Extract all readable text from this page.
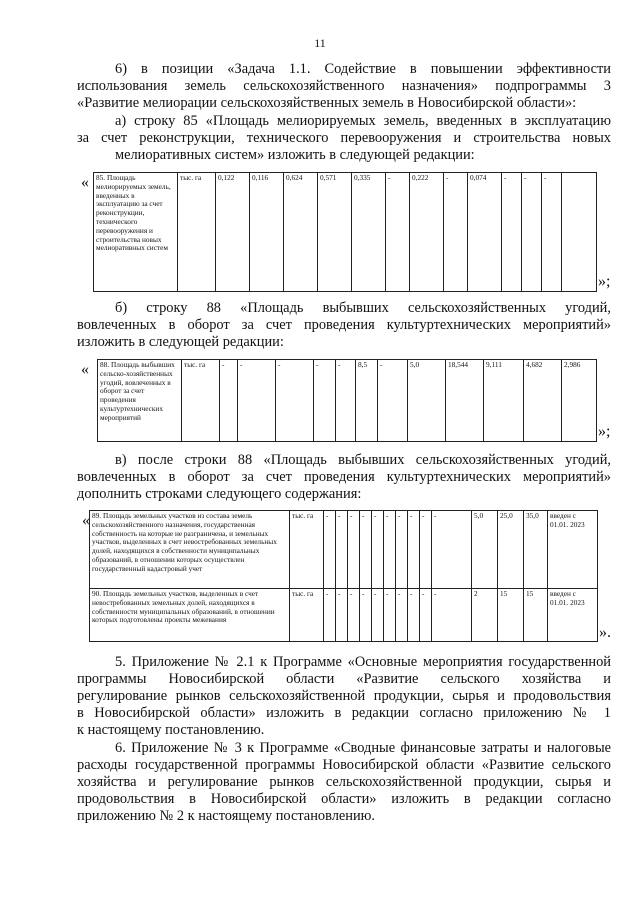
11
6) в позиции «Задача 1.1. Содействие в повышении эффективности
использования земель сельскохозяйственного назначения» подпрограммы 3
«Развитие мелиорации сельскохозяйственных земель в Новосибирской области»:
а) строку 85 «Площадь мелиорируемых земель, введенных в эксплуатацию
за счет реконструкции, технического перевооружения и строительства новых
мелиоративных систем» изложить в следующей редакции:
« 85. Площадь мелиорируемых земель, введенных в эксплуатацию за счет реконструкции, технического перевооружения и строительства новых мелиоративных систем	тыс. га	0,122	0,116	0,624	0,571	0,335	-	0,222	-	0,074	-	-	-	
»;
б) строку 88 «Площадь выбывших сельскохозяйственных угодий,
вовлеченных в оборот за счет проведения культуртехнических мероприятий»
изложить в следующей редакции:
« 88. Площадь выбывших сельско-хозяйственных угодий, вовлеченных в оборот за счет проведения культуртехнических мероприятий	тыс. га	-	-	-	-	-	8,5	-	5,0	18,544	9,111	4,682	2,986	
»;
в) после строки 88 «Площадь выбывших сельскохозяйственных угодий,
вовлеченных в оборот за счет проведения культуртехнических мероприятий»
дополнить строками следующего содержания:
« 89. Площадь земельных участков из состава земель сельскохозяйственного назначения, государственная собственность на которые не разграничена, и земельных участков, выделенных в счет невостребованных земельных долей, находящихся в собственности муниципальных образований, в отношении которых осуществлен государственный кадастровый учет	тыс. га	-	-	-	-	-	-	-	-	-	-	5,0	25,0	35,0	введен с 01.01. 2023
90. Площадь земельных участков, выделенных в счет невостребованных земельных долей, находящихся в собственности муниципальных образований, в отношении которых подготовлены проекты межевания	тыс. га	-	-	-	-	-	-	-	-	-	-	2	15	15	введен с 01.01. 2023
».
5. Приложение № 2.1 к Программе «Основные мероприятия государственной
программы Новосибирской области «Развитие сельского хозяйства и
регулирование рынков сельскохозяйственной продукции, сырья и продовольствия
в Новосибирской области» изложить в редакции согласно приложению № 1
к настоящему постановлению.
6. Приложение № 3 к Программе «Сводные финансовые затраты и налоговые
расходы государственной программы Новосибирской области «Развитие сельского
хозяйства и регулирование рынков сельскохозяйственной продукции, сырья и
продовольствия в Новосибирской области» изложить в редакции согласно
приложению № 2 к настоящему постановлению.
